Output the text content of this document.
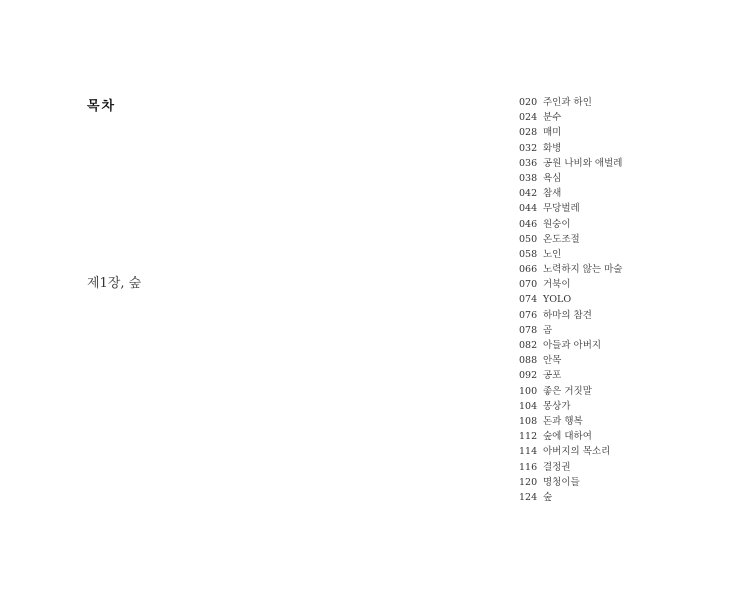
목차
제1장, 숲
020 주인과 하인
024 분수
028 매미
032 화병
036 공원 나비와 애벌레
038 욕심
042 참새
044 무당벌레
046 원숭이
050 온도조절
058 노인
066 노력하지 않는 마술
070 거북이
074 YOLO
076 하마의 참견
078 곰
082 아들과 아버지
088 안목
092 공포
100 좋은 거짓말
104 몽상가
108 돈과 행복
112 숲에 대하여
114 아버지의 목소리
116 결정권
120 명청이들
124 숲
